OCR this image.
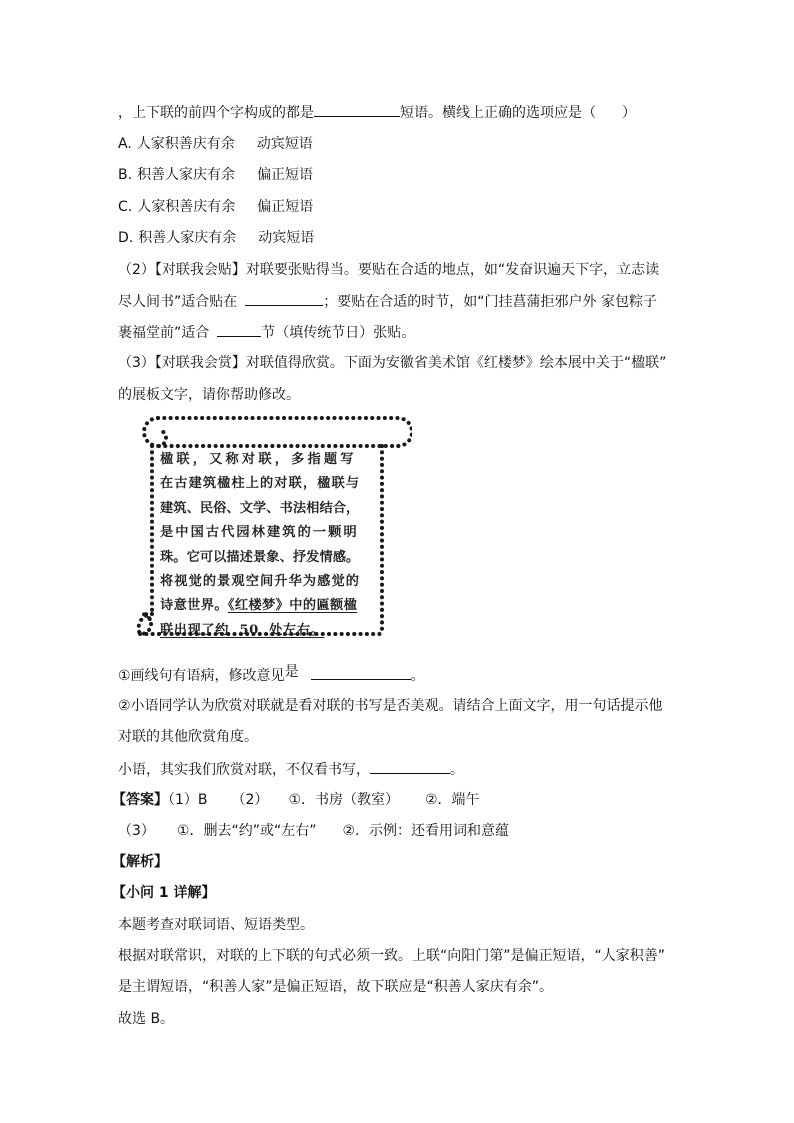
，上下联的前四个字构成的都是	短语。横线上正确的选项应是（ ）
A. 人家积善庆有余 动宾短语
B. 积善人家庆有余 偏正短语
C. 人家积善庆有余 偏正短语
D. 积善人家庆有余 动宾短语
（2）【对联我会贴】对联要张贴得当。要贴在合适的地点，如“发奋识遍天下字，立志读
尽人间书”适合贴在	；要贴在合适的时节，如“门挂菖蒲拒邪户外 家包粽子
裹福堂前”适合	节（填传统节日）张贴。
（3）【对联我会赏】对联值得欣赏。下面为安徽省美术馆《红楼梦》绘本展中关于“楹联”
的展板文字，请你帮助修改。
楹联，又称对联，多指题写
在古建筑楹柱上的对联，楹联与
建筑、民俗、文学、书法相结合，
是中国古代园林建筑的一颗明
珠。它可以描述景象、抒发情感。
将视觉的景观空间升华为感觉的
诗意世界。《红楼梦》中的匾额楹
联出现了约  50  处左右。
①画线句有语病，修改意见是	。
②小语同学认为欣赏对联就是看对联的书写是否美观。请结合上面文字，用一句话提示他
对联的其他欣赏角度。
小语，其实我们欣赏对联，不仅看书写，	。
【答案】（1）B （2） ①．书房（教室） ②．端午
（3） ①．删去“约”或“左右” ②．示例：还看用词和意蕴
【解析】
【小问 1 详解】
本题考查对联词语、短语类型。
根据对联常识，对联的上下联的句式必须一致。上联“向阳门第”是偏正短语，“人家积善”
是主谓短语，“积善人家”是偏正短语，故下联应是“积善人家庆有余”。
故选 B。
